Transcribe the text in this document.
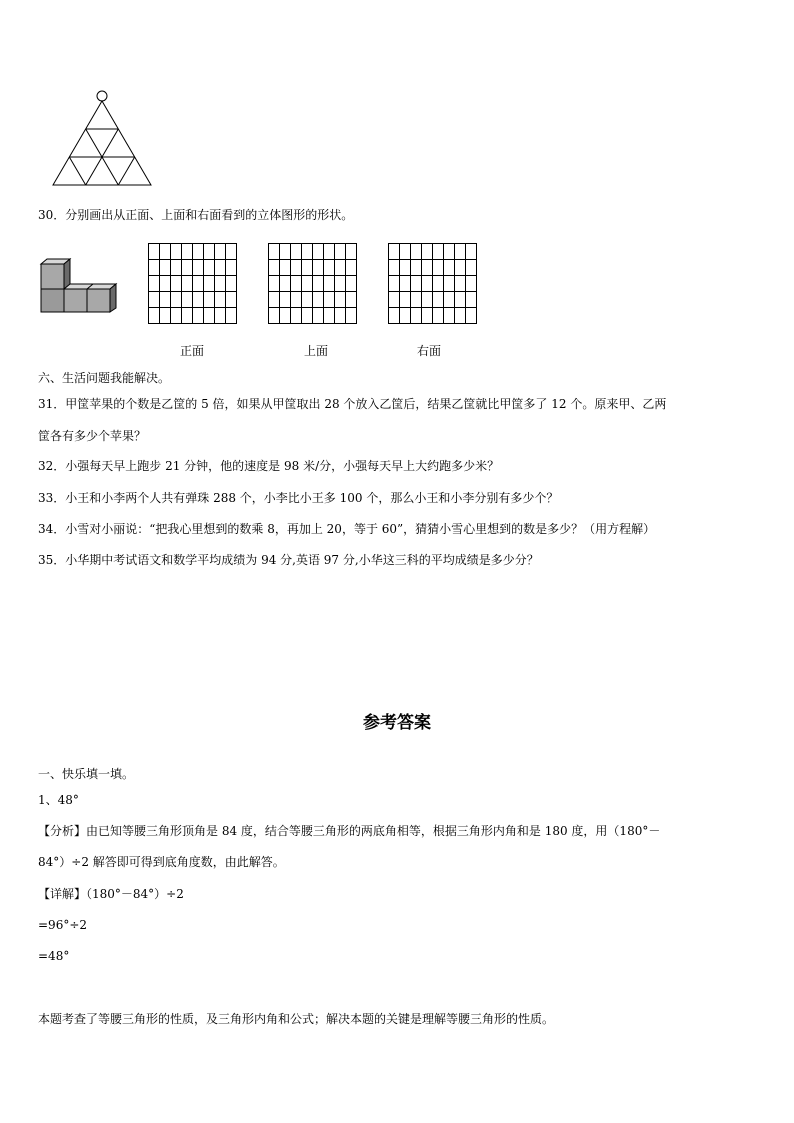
30．分别画出从正面、上面和右面看到的立体图形的形状。
正面	上面	右面
六、生活问题我能解决。
31．甲筐苹果的个数是乙筐的 5 倍，如果从甲筐取出 28 个放入乙筐后，结果乙筐就比甲筐多了 12 个。原来甲、乙两
筐各有多少个苹果？
32．小强每天早上跑步 21 分钟，他的速度是 98 米/分，小强每天早上大约跑多少米？
33．小王和小李两个人共有弹珠 288 个，小李比小王多 100 个，那么小王和小李分别有多少个？
34．小雪对小丽说：“把我心里想到的数乘 8，再加上 20，等于 60”，猜猜小雪心里想到的数是多少？（用方程解）
35．小华期中考试语文和数学平均成绩为 94 分,英语 97 分,小华这三科的平均成绩是多少分？
参考答案
一、快乐填一填。
1、48°
【分析】由已知等腰三角形顶角是 84 度，结合等腰三角形的两底角相等，根据三角形内角和是 180 度，用（180°－
84°）÷2 解答即可得到底角度数，由此解答。
【详解】（180°－84°）÷2
=96°÷2
=48°
本题考查了等腰三角形的性质，及三角形内角和公式；解决本题的关键是理解等腰三角形的性质。
